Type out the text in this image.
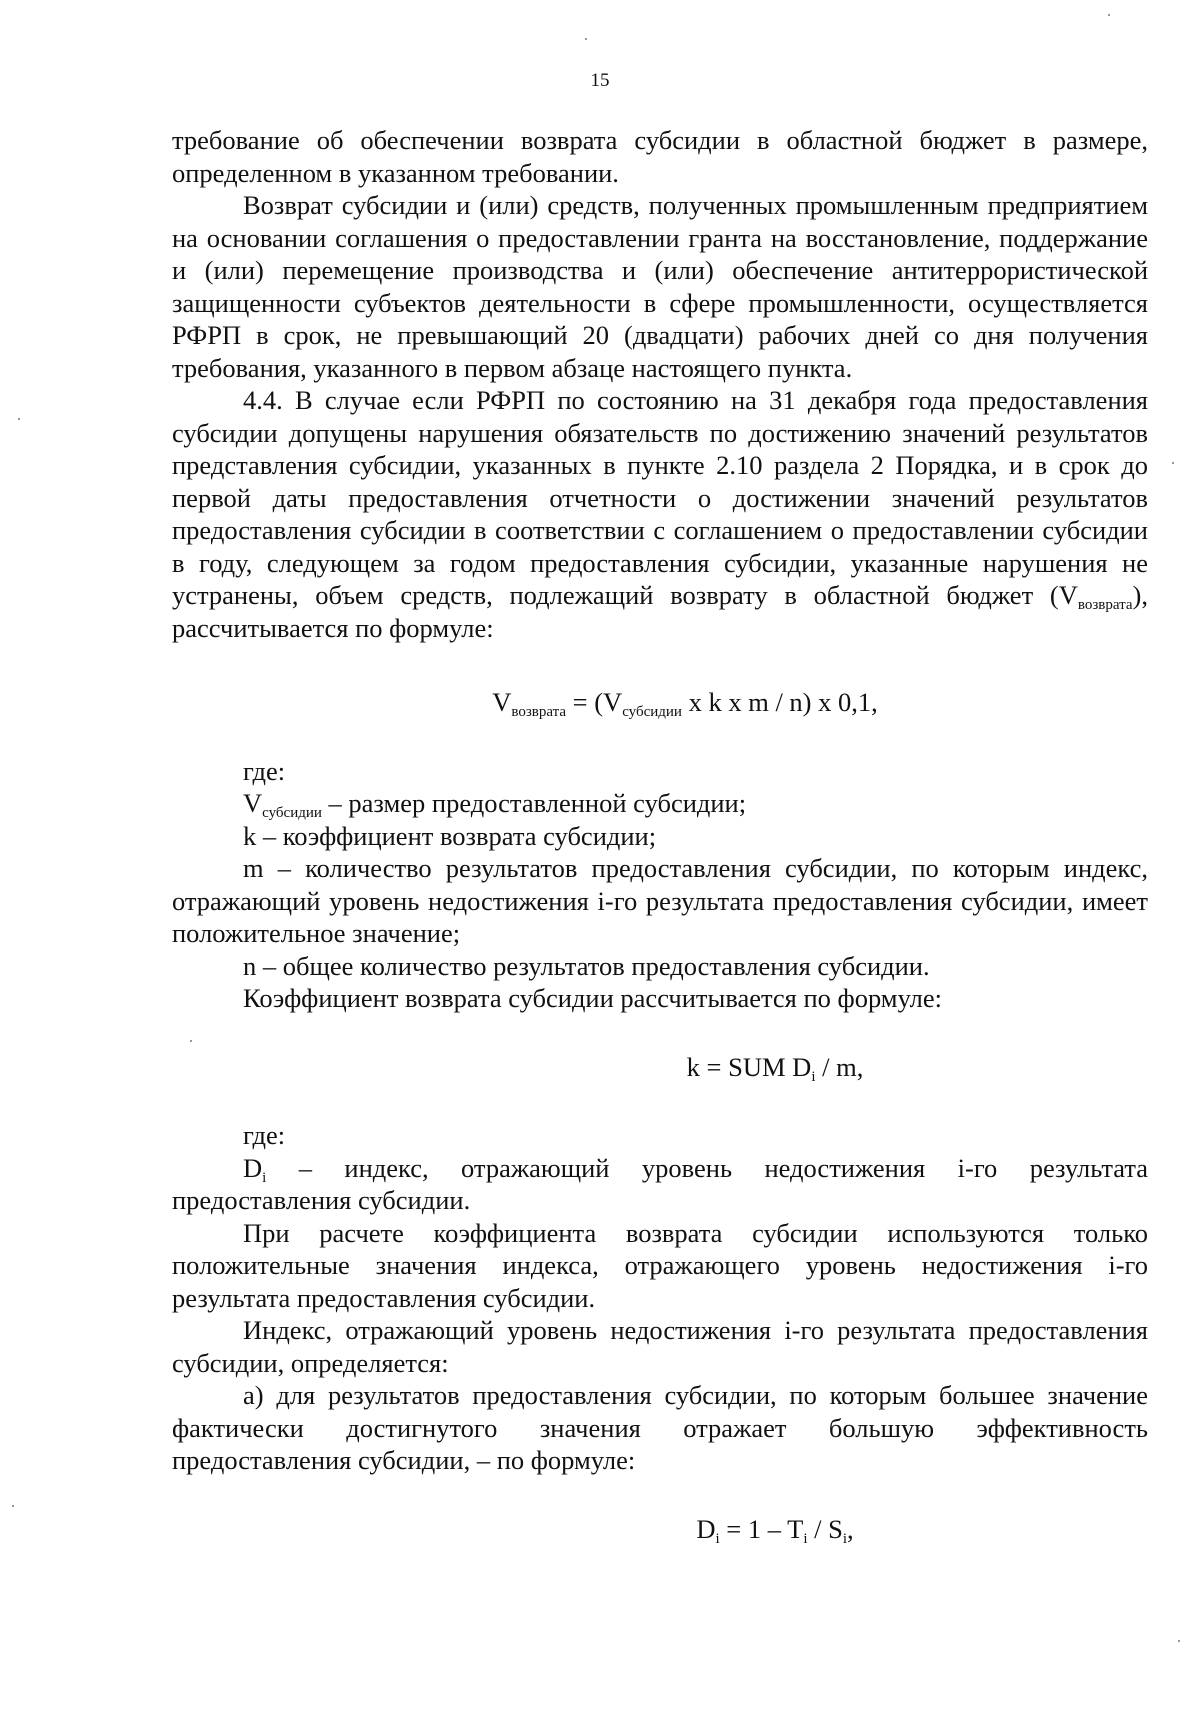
15

требование об обеспечении возврата субсидии в областной бюджет в размере, определенном в указанном требовании.

Возврат субсидии и (или) средств, полученных промышленным предприятием на основании соглашения о предоставлении гранта на восстановление, поддержание и (или) перемещение производства и (или) обеспечение антитеррористической защищенности субъектов деятельности в сфере промышленности, осуществляется РФРП в срок, не превышающий 20 (двадцати) рабочих дней со дня получения требования, указанного в первом абзаце настоящего пункта.

4.4. В случае если РФРП по состоянию на 31 декабря года предоставления субсидии допущены нарушения обязательств по достижению значений результатов представления субсидии, указанных в пункте 2.10 раздела 2 Порядка, и в срок до первой даты предоставления отчетности о достижении значений результатов предоставления субсидии в соответствии с соглашением о предоставлении субсидии в году, следующем за годом предоставления субсидии, указанные нарушения не устранены, объем средств, подлежащий возврату в областной бюджет $(V_{возврата})$, рассчитывается по формуле:

$V_{возврата} = (V_{субсидии}$ x k x m / n) x 0,1,

где:

$V_{субсидии}$ – размер предоставленной субсидии;

k – коэффициент возврата субсидии;

m – количество результатов предоставления субсидии, по которым индекс, отражающий уровень недостижения i-го результата предоставления субсидии, имеет положительное значение;

n – общее количество результатов предоставления субсидии.

Коэффициент возврата субсидии рассчитывается по формуле:

k = SUM $D_i$ / m,

где:

$D_i$ – индекс, отражающий уровень недостижения i-го результата предоставления субсидии.

При расчете коэффициента возврата субсидии используются только положительные значения индекса, отражающего уровень недостижения i-го результата предоставления субсидии.

Индекс, отражающий уровень недостижения i-го результата предоставления субсидии, определяется:

а) для результатов предоставления субсидии, по которым большее значение фактически достигнутого значения отражает большую эффективность предоставления субсидии, – по формуле:

$D_i = 1 - T_i / S_i$,
